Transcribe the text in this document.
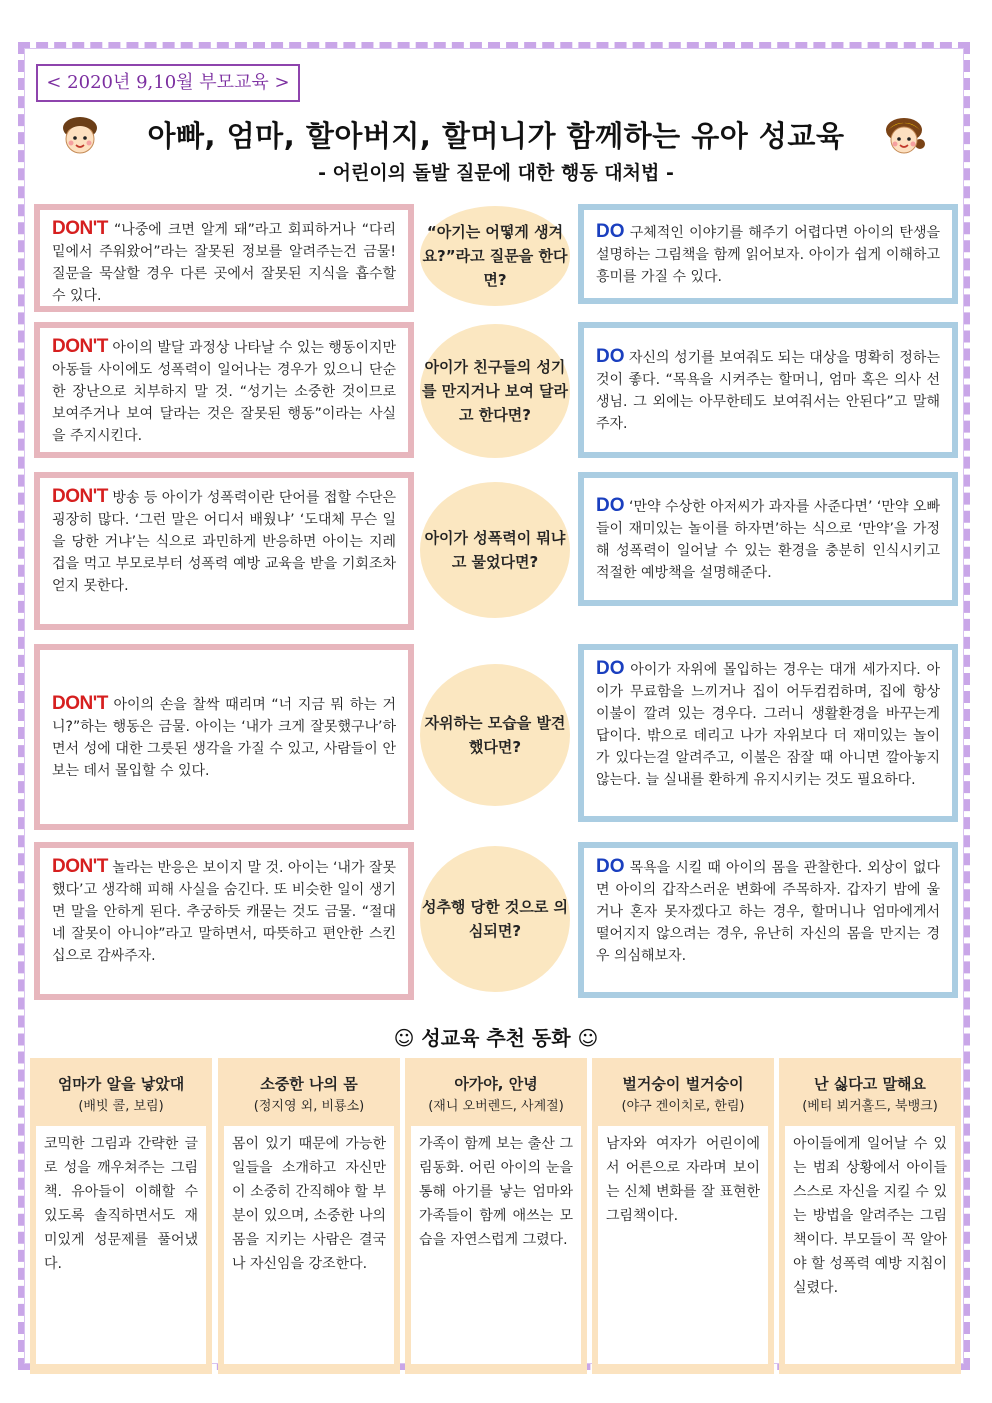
< 2020년 9,10월 부모교육 >
아빠, 엄마, 할아버지, 할머니가 함께하는 유아 성교육
- 어린이의 돌발 질문에 대한 행동 대처법 -
DON'T “나중에 크면 알게 돼”라고 회피하거나 “다리 밑에서 주워왔어”라는 잘못된 정보를 알려주는건 금물! 질문을 묵살할 경우 다른 곳에서 잘못된 지식을 흡수할 수 있다.
“아기는 어떻게 생겨요?”라고 질문을 한다면?
DO 구체적인 이야기를 해주기 어렵다면 아이의 탄생을 설명하는 그림책을 함께 읽어보자. 아이가 쉽게 이해하고 흥미를 가질 수 있다.
DON'T 아이의 발달 과정상 나타날 수 있는 행동이지만 아동들 사이에도 성폭력이 일어나는 경우가 있으니 단순한 장난으로 치부하지 말 것. “성기는 소중한 것이므로 보여주거나 보여 달라는 것은 잘못된 행동”이라는 사실을 주지시킨다.
아이가 친구들의 성기를 만지거나 보여 달라고 한다면?
DO 자신의 성기를 보여줘도 되는 대상을 명확히 정하는 것이 좋다. “목욕을 시켜주는 할머니, 엄마 혹은 의사 선생님. 그 외에는 아무한테도 보여줘서는 안된다”고 말해주자.
DON'T 방송 등 아이가 성폭력이란 단어를 접할 수단은 굉장히 많다. ‘그런 말은 어디서 배웠냐’ ‘도대체 무슨 일을 당한 거냐’는 식으로 과민하게 반응하면 아이는 지레 겁을 먹고 부모로부터 성폭력 예방 교육을 받을 기회조차 얻지 못한다.
아이가 성폭력이 뭐냐고 물었다면?
DO ‘만약 수상한 아저씨가 과자를 사준다면’ ‘만약 오빠들이 재미있는 놀이를 하자면’하는 식으로 ‘만약’을 가정해 성폭력이 일어날 수 있는 환경을 충분히 인식시키고 적절한 예방책을 설명해준다.
DON'T 아이의 손을 찰싹 때리며 “너 지금 뭐 하는 거니?”하는 행동은 금물. 아이는 ‘내가 크게 잘못했구나’하면서 성에 대한 그릇된 생각을 가질 수 있고, 사람들이 안보는 데서 몰입할 수 있다.
자위하는 모습을 발견했다면?
DO 아이가 자위에 몰입하는 경우는 대개 세가지다. 아이가 무료함을 느끼거나 집이 어두컴컴하며, 집에 항상 이불이 깔려 있는 경우다. 그러니 생활환경을 바꾸는게 답이다. 밖으로 데리고 나가 자위보다 더 재미있는 놀이가 있다는걸 알려주고, 이불은 잠잘 때 아니면 깔아놓지 않는다. 늘 실내를 환하게 유지시키는 것도 필요하다.
DON'T 놀라는 반응은 보이지 말 것. 아이는 ‘내가 잘못했다’고 생각해 피해 사실을 숨긴다. 또 비슷한 일이 생기면 말을 안하게 된다. 추궁하듯 캐묻는 것도 금물. “절대 네 잘못이 아니야”라고 말하면서, 따뜻하고 편안한 스킨십으로 감싸주자.
성추행 당한 것으로 의심되면?
DO 목욕을 시킬 때 아이의 몸을 관찰한다. 외상이 없다면 아이의 갑작스러운 변화에 주목하자. 갑자기 밤에 울거나 혼자 못자겠다고 하는 경우, 할머니나 엄마에게서 떨어지지 않으려는 경우, 유난히 자신의 몸을 만지는 경우 의심해보자.
☺ 성교육 추천 동화 ☺
엄마가 알을 낳았대
(배빗 콜, 보림)
코믹한 그림과 간략한 글로 성을 깨우쳐주는 그림책. 유아들이 이해할 수 있도록 솔직하면서도 재미있게 성문제를 풀어냈다.
소중한 나의 몸
(정지영 외, 비룡소)
몸이 있기 때문에 가능한 일들을 소개하고 자신만이 소중히 간직해야 할 부분이 있으며, 소중한 나의 몸을 지키는 사람은 결국 나 자신임을 강조한다.
아가야, 안녕
(재니 오버렌드, 사계절)
가족이 함께 보는 출산 그림동화. 어린 아이의 눈을 통해 아기를 낳는 엄마와 가족들이 함께 애쓰는 모습을 자연스럽게 그렸다.
벌거숭이 벌거숭이
(야구 겐이치로, 한림)
남자와 여자가 어린이에서 어른으로 자라며 보이는 신체 변화를 잘 표현한 그림책이다.
난 싫다고 말해요
(베티 뵈거홀드, 북뱅크)
아이들에게 일어날 수 있는 범죄 상황에서 아이들 스스로 자신을 지킬 수 있는 방법을 알려주는 그림책이다. 부모들이 꼭 알아야 할 성폭력 예방 지침이 실렸다.
